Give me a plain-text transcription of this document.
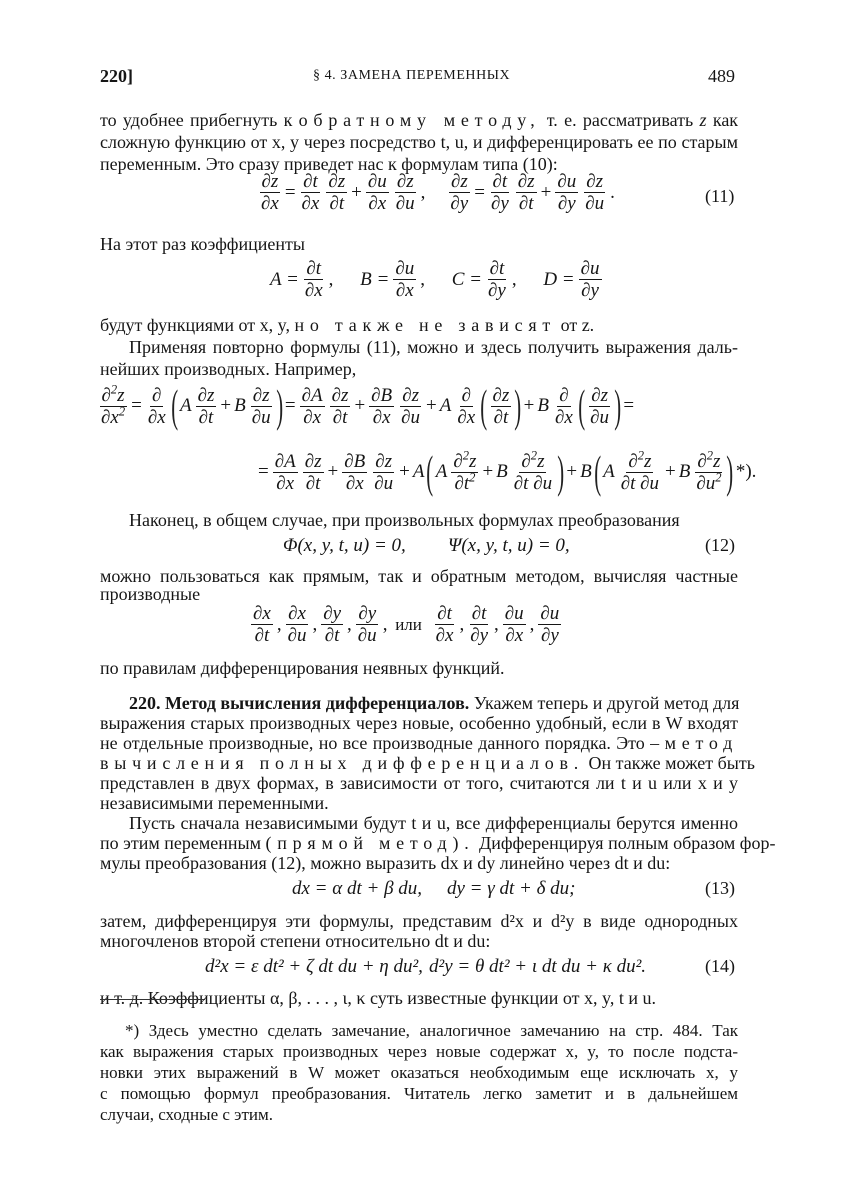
220]	§ 4. ЗАМЕНА ПЕРЕМЕННЫХ	489
то удобнее прибегнуть к обратному методу, т. е. рассматривать z как
сложную функцию от x, y через посредство t, u, и дифференцировать ее по старым
переменным. Это сразу приведет нас к формулам типа (10):
$\frac{\partial z}{\partial x} = \frac{\partial t}{\partial x} \frac{\partial z}{\partial t} + \frac{\partial u}{\partial x} \frac{\partial z}{\partial u}$ , $\frac{\partial z}{\partial y} = \frac{\partial t}{\partial y} \frac{\partial z}{\partial t} + \frac{\partial u}{\partial y} \frac{\partial z}{\partial u}$ .	(11)
На этот раз коэффициенты
$A = \frac{\partial t}{\partial x}$ , $B = \frac{\partial u}{\partial x}$ , $C = \frac{\partial t}{\partial y}$ , $D = \frac{\partial u}{\partial y}$
будут функциями от x, y, но также не зависят от z.
Применяя повторно формулы (11), можно и здесь получить выражения даль-
нейших производных. Например,
$\frac{\partial^2z}{\partial x^2} = \frac{\partial}{\partial x}$ ( A $\frac{\partial z}{\partial t} + B \frac{\partial z}{\partial u}$ ) = $\frac{\partial A}{\partial x} \frac{\partial z}{\partial t} + \frac{\partial B}{\partial x} \frac{\partial z}{\partial u} + A \frac{\partial}{\partial x}$ ( $\frac{\partial z}{\partial t}$ ) + B $\frac{\partial}{\partial x}$ ( $\frac{\partial z}{\partial u}$ ) =
= $\frac{\partial A}{\partial x} \frac{\partial z}{\partial t} + \frac{\partial B}{\partial x} \frac{\partial z}{\partial u} + A$ ( A $\frac{\partial^2z}{\partial t^2} + B \frac{\partial^2z}{\partial t \partial u}$ ) + B ( A $\frac{\partial^2z}{\partial t \partial u} + B \frac{\partial^2z}{\partial u^2}$ ) *).
Наконец, в общем случае, при произвольных формулах преобразования
Φ(x, y, t, u) = 0, Ψ(x, y, t, u) = 0,	(12)
можно пользоваться как прямым, так и обратным методом, вычисляя частные
производные
$\frac{\partial x}{\partial t}$ , $\frac{\partial x}{\partial u}$ , $\frac{\partial y}{\partial t}$ , $\frac{\partial y}{\partial u}$ , или
$\frac{\partial t}{\partial x}$ , $\frac{\partial t}{\partial y}$ , $\frac{\partial u}{\partial x}$ , $\frac{\partial u}{\partial y}$
по правилам дифференцирования неявных функций.
220. Метод вычисления дифференциалов. Укажем теперь и другой метод для
выражения старых производных через новые, особенно удобный, если в W входят
не отдельные производные, но все производные данного порядка. Это – метод
вычисления полных дифференциалов. Он также может быть
представлен в двух формах, в зависимости от того, считаются ли t и u или x и y
независимыми переменными.
Пусть сначала независимыми будут t и u, все дифференциалы берутся именно
по этим переменным (прямой метод). Дифференцируя полным образом фор-
мулы преобразования (12), можно выразить dx и dy линейно через dt и du:
dx = α dt + β du, dy = γ dt + δ du;	(13)
затем, дифференцируя эти формулы, представим d²x и d²y в виде однородных
многочленов второй степени относительно dt и du:
d²x = ε dt² + ζ dt du + η du², d²y = θ dt² + ι dt du + κ du².	(14)
и т. д. Коэффициенты α, β, . . . , ι, κ суть известные функции от x, y, t и u.
*) Здесь уместно сделать замечание, аналогичное замечанию на стр. 484. Так
как выражения старых производных через новые содержат x, y, то после подста-
новки этих выражений в W может оказаться необходимым еще исключать x, y
с помощью формул преобразования. Читатель легко заметит и в дальнейшем
случаи, сходные с этим.
